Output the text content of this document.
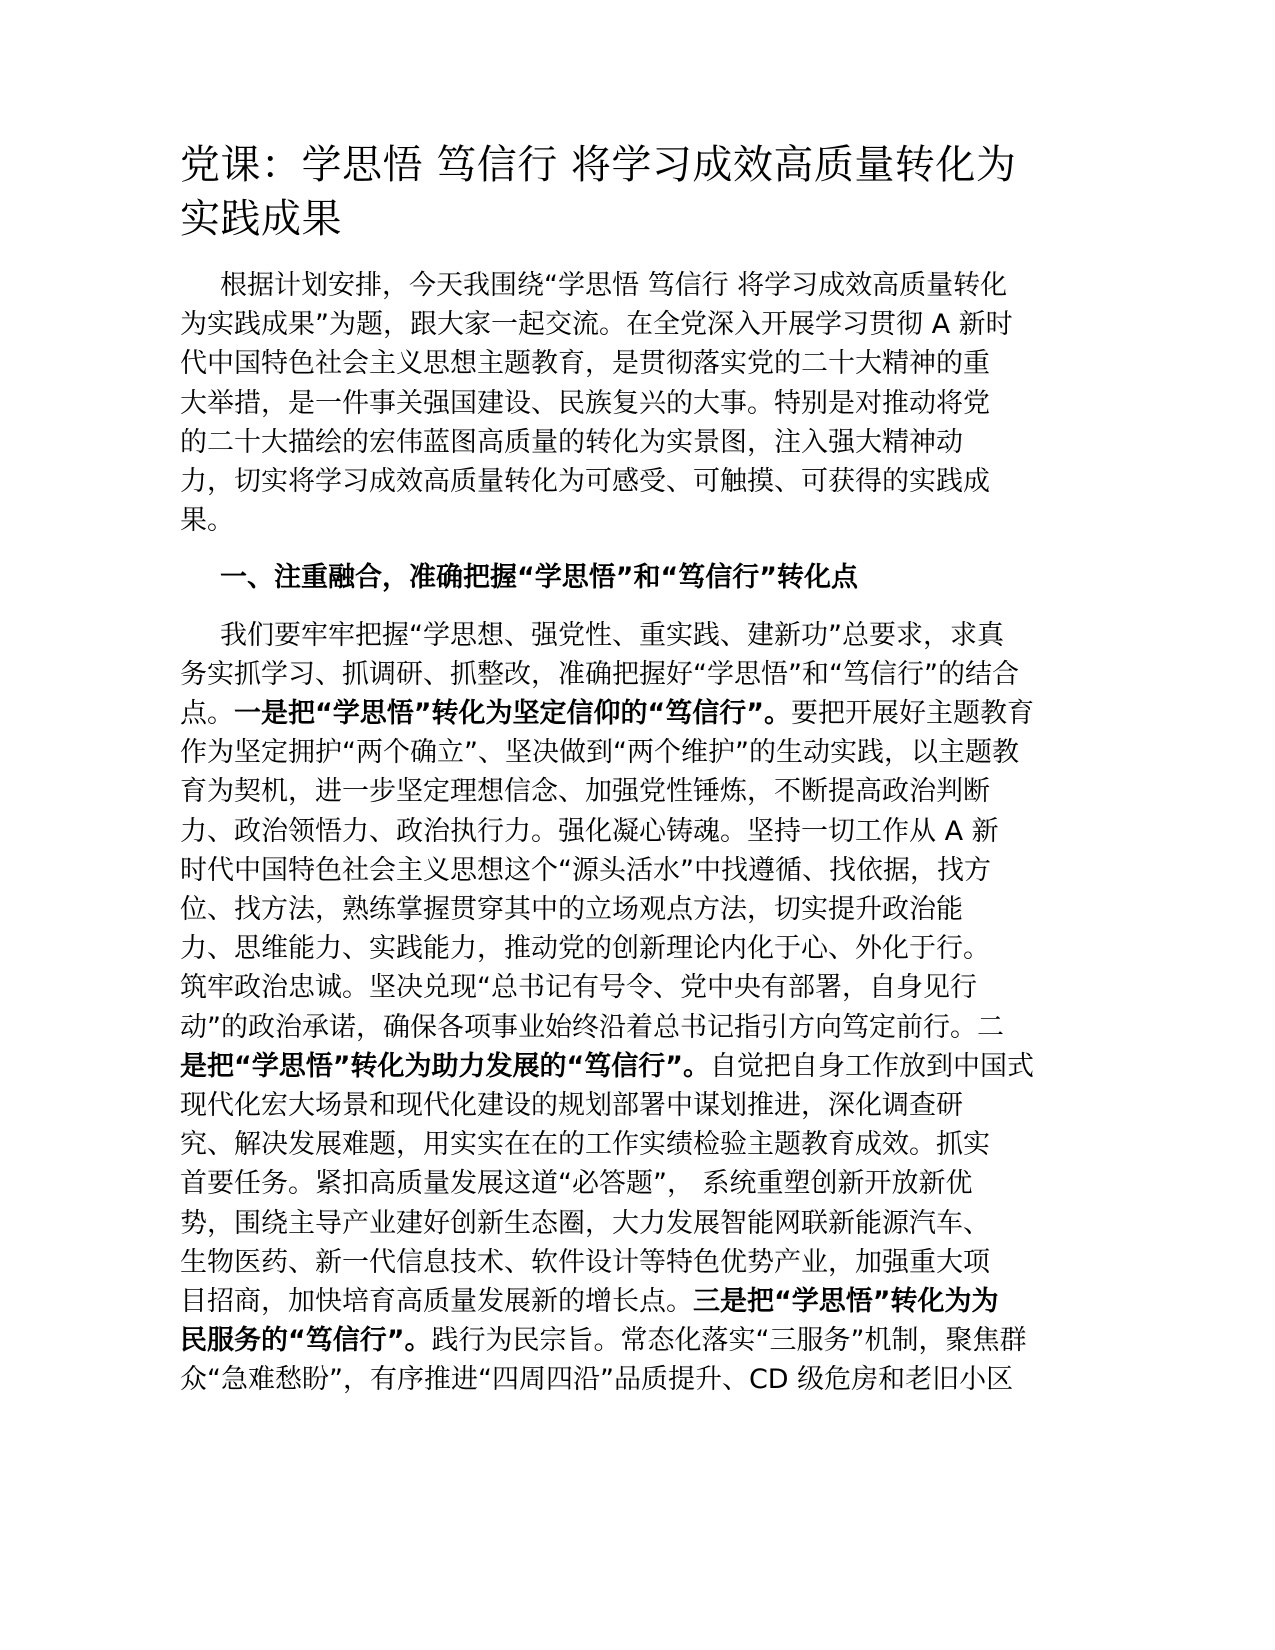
党课：学思悟 笃信行 将学习成效高质量转化为
实践成果

根据计划安排，今天我围绕“学思悟 笃信行 将学习成效高质量转化
为实践成果”为题，跟大家一起交流。在全党深入开展学习贯彻 A 新时
代中国特色社会主义思想主题教育，是贯彻落实党的二十大精神的重
大举措，是一件事关强国建设、民族复兴的大事。特别是对推动将党
的二十大描绘的宏伟蓝图高质量的转化为实景图，注入强大精神动
力，切实将学习成效高质量转化为可感受、可触摸、可获得的实践成
果。

一、注重融合，准确把握“学思悟”和“笃信行”转化点

我们要牢牢把握“学思想、强党性、重实践、建新功”总要求，求真
务实抓学习、抓调研、抓整改，准确把握好“学思悟”和“笃信行”的结合
点。一是把“学思悟”转化为坚定信仰的“笃信行”。要把开展好主题教育
作为坚定拥护“两个确立”、坚决做到“两个维护”的生动实践，以主题教
育为契机，进一步坚定理想信念、加强党性锤炼，不断提高政治判断
力、政治领悟力、政治执行力。强化凝心铸魂。坚持一切工作从 A 新
时代中国特色社会主义思想这个“源头活水”中找遵循、找依据，找方
位、找方法，熟练掌握贯穿其中的立场观点方法，切实提升政治能
力、思维能力、实践能力，推动党的创新理论内化于心、外化于行。
筑牢政治忠诚。坚决兑现“总书记有号令、党中央有部署，自身见行
动”的政治承诺，确保各项事业始终沿着总书记指引方向笃定前行。二
是把“学思悟”转化为助力发展的“笃信行”。自觉把自身工作放到中国式
现代化宏大场景和现代化建设的规划部署中谋划推进，深化调查研
究、解决发展难题，用实实在在的工作实绩检验主题教育成效。抓实
首要任务。紧扣高质量发展这道“必答题”， 系统重塑创新开放新优
势，围绕主导产业建好创新生态圈，大力发展智能网联新能源汽车、
生物医药、新一代信息技术、软件设计等特色优势产业，加强重大项
目招商，加快培育高质量发展新的增长点。三是把“学思悟”转化为为
民服务的“笃信行”。践行为民宗旨。常态化落实“三服务”机制，聚焦群
众“急难愁盼”，有序推进“四周四沿”品质提升、CD 级危房和老旧小区
